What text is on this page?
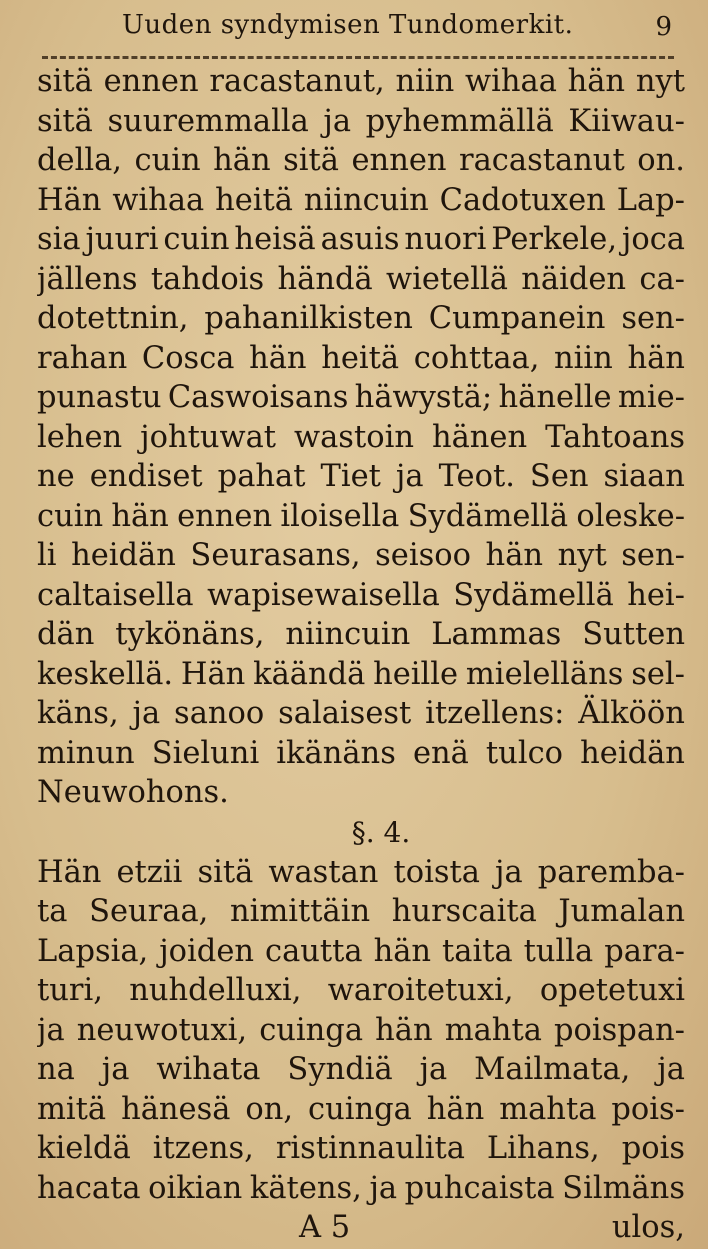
Uuden syndymisen Tundomerkit.	9
sitä ennen racastanut, niin wihaa hän nyt
sitä suuremmalla ja pyhemmällä Kiiwau-
della, cuin hän sitä ennen racastanut on.
Hän wihaa heitä niincuin Cadotuxen Lap-
sia juuri cuin heisä asuis nuori Perkele, joca
jällens tahdois händä wietellä näiden ca-
dotettnin, pahanilkisten Cumpanein sen-
rahan Cosca hän heitä cohttaa, niin hän
punastu Caswoisans häwystä; hänelle mie-
lehen johtuwat wastoin hänen Tahtoans
ne endiset pahat Tiet ja Teot. Sen siaan
cuin hän ennen iloisella Sydämellä oleske-
li heidän Seurasans, seisoo hän nyt sen-
caltaisella wapisewaisella Sydämellä hei-
dän tykönäns, niincuin Lammas Sutten
keskellä. Hän käändä heille mielelläns sel-
käns, ja sanoo salaisest itzellens: Älköön
minun Sieluni ikänäns enä tulco heidän
Neuwohons.
§. 4.
Hän etzii sitä wastan toista ja paremba-
ta Seuraa, nimittäin hurscaita Jumalan
Lapsia, joiden cautta hän taita tulla para-
turi, nuhdelluxi, waroitetuxi, opetetuxi
ja neuwotuxi, cuinga hän mahta poispan-
na ja wihata Syndiä ja Mailmata, ja
mitä hänesä on, cuinga hän mahta pois-
kieldä itzens, ristinnaulita Lihans, pois
hacata oikian kätens, ja puhcaista Silmäns
A 5	ulos,
